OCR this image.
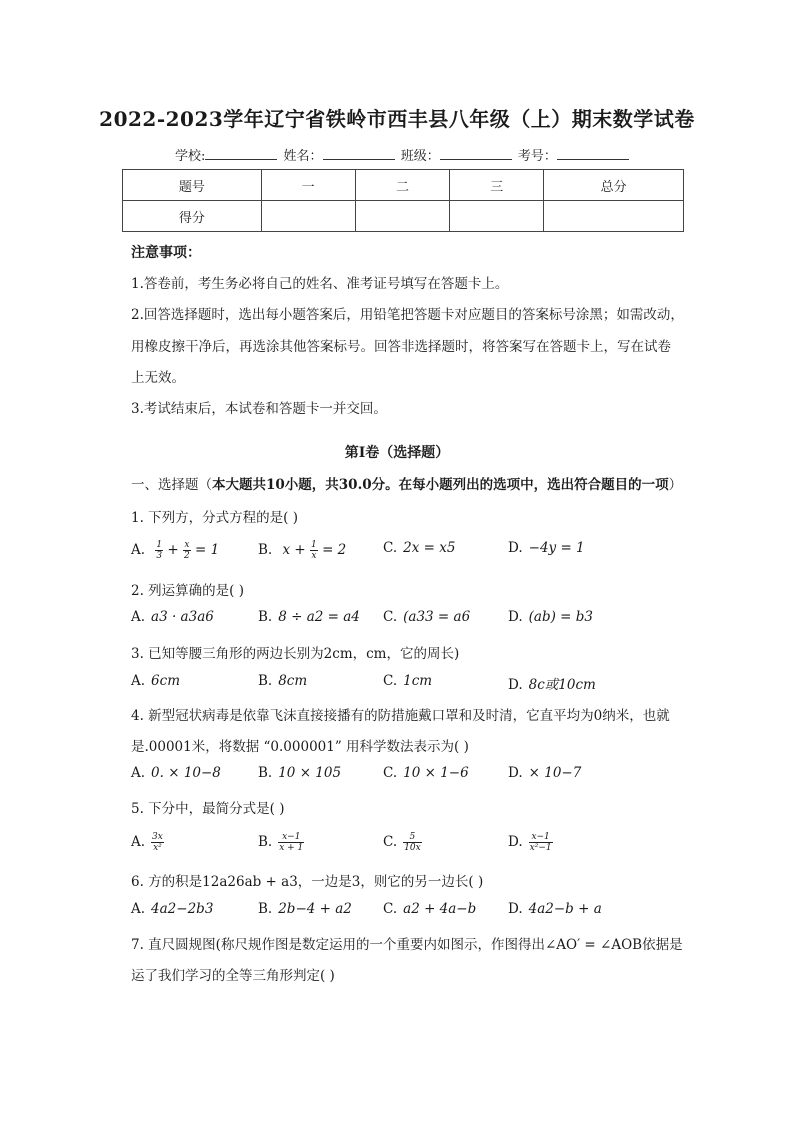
2022-2023学年辽宁省铁岭市西丰县八年级（上）期末数学试卷
学校:	姓名：	班级：	考号：
题号	一	二	三	总分
得分				
注意事项：
1.答卷前，考生务必将自己的姓名、准考证号填写在答题卡上。
2.回答选择题时，选出每小题答案后，用铅笔把答题卡对应题目的答案标号涂黑；如需改动，
用橡皮擦干净后，再选涂其他答案标号。回答非选择题时，将答案写在答题卡上，写在试卷
上无效。
3.考试结束后，本试卷和答题卡一并交回。
第I卷（选择题）
一、选择题（本大题共10小题，共30.0分。在每小题列出的选项中，选出符合题目的一项）
1. 下列方，分式方程的是( )
A. $\frac{1}{3} + \frac{x}{2} = 1$	B. $x + \frac{1}{x} = 2$	C. 2x = x5	D. −4y = 1
2. 列运算确的是( )
A. a3 · a3a6	B. 8 ÷ a2 = a4 C. (a33 = a6	D. (ab) = b3
3. 已知等腰三角形的两边长别为2cm，cm，它的周长)
A. 6cm	B. 8cm	C. 1cm	D. 8c或10cm
4. 新型冠状病毒是依靠飞沫直接接播有的防措施戴口罩和及时清，它直平均为0纳米，也就
是.00001米，将数据 “0.000001” 用科学数法表示为( )
A. 0. × 10−8	B. 10 × 105	C. 10 × 1−6	D. × 10−7
5. 下分中，最简分式是( )
A. $\frac{3x}{\text{x²}}$	B. $\frac{x-1}{x + 1}$	C. $\frac{5}{10x}$	D. $\frac{x-1}{\text{x²−1}}$
6. 方的积是12a26ab + a3，一边是3，则它的另一边长( )
A. 4a2−2b3	B. 2b−4 + a2 C. a2 + 4a−b D. 4a2−b + a
7. 直尺圆规图(称尺规作图是数定运用的一个重要内如图示，作图得出∠AO′ = ∠AOB依据是
运了我们学习的全等三角形判定( )
